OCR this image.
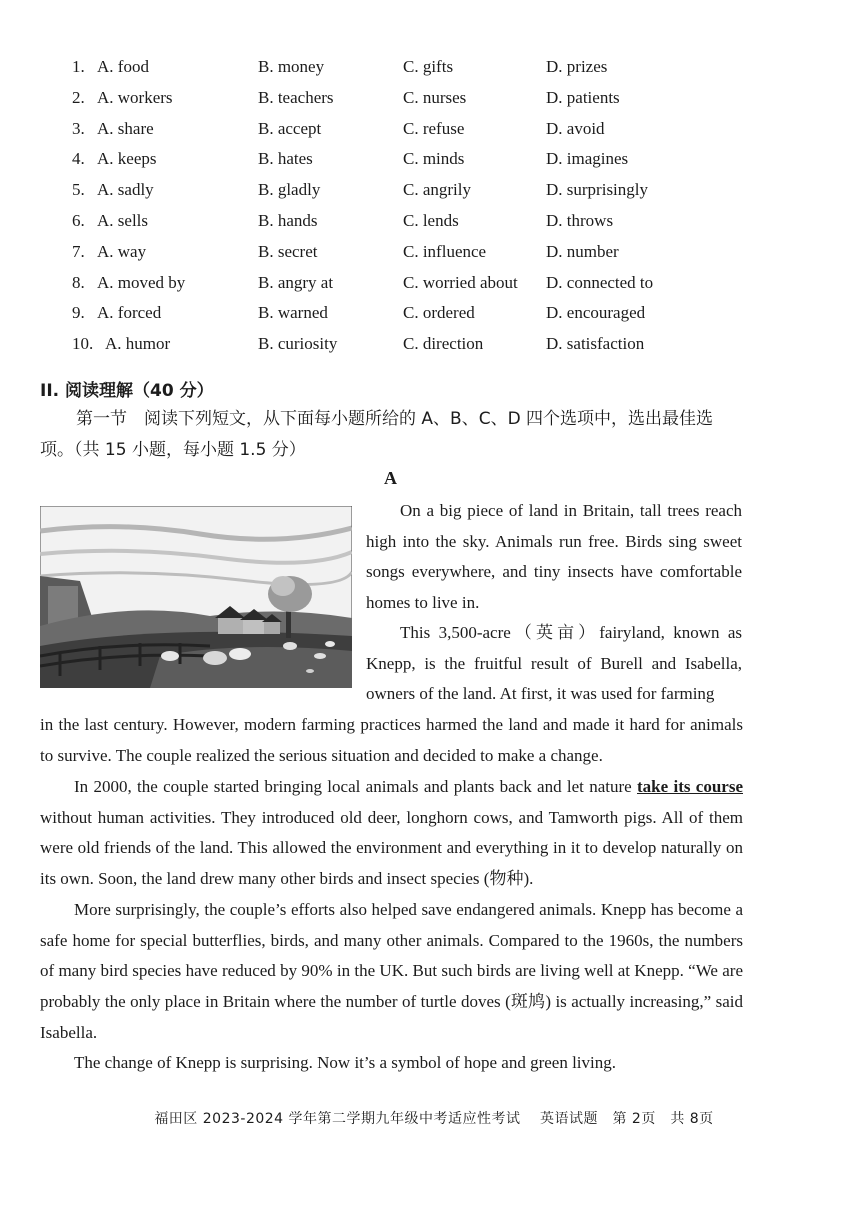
1. A. food	B. money	C. gifts	D. prizes
2. A. workers	B. teachers	C. nurses	D. patients
3. A. share	B. accept	C. refuse	D. avoid
4. A. keeps	B. hates	C. minds	D. imagines
5. A. sadly	B. gladly	C. angrily	D. surprisingly
6. A. sells	B. hands	C. lends	D. throws
7. A. way	B. secret	C. influence	D. number
8. A. moved by	B. angry at	C. worried about D. connected to
9. A. forced	B. warned	C. ordered	D. encouraged
10. A. humor	B. curiosity	C. direction	D. satisfaction
II. 阅读理解（40 分）
第一节　阅读下列短文，从下面每小题所给的 A、B、C、D 四个选项中，选出最佳选项。（共 15 小题，每小题 1.5 分）
A
On a big piece of land in Britain, tall trees reach high into the sky. Animals run free. Birds sing sweet songs everywhere, and tiny insects have comfortable homes to live in.
This 3,500-acre（英亩）fairyland, known as Knepp, is the fruitful result of Burell and Isabella, owners of the land. At first, it was used for farming
in the last century. However, modern farming practices harmed the land and made it hard for animals to survive. The couple realized the serious situation and decided to make a change.
In 2000, the couple started bringing local animals and plants back and let nature take its course without human activities. They introduced old deer, longhorn cows, and Tamworth pigs. All of them were old friends of the land. This allowed the environment and everything in it to develop naturally on its own. Soon, the land drew many other birds and insect species (物种).
More surprisingly, the couple’s efforts also helped save endangered animals. Knepp has become a safe home for special butterflies, birds, and many other animals. Compared to the 1960s, the numbers of many bird species have reduced by 90% in the UK. But such birds are living well at Knepp. “We are probably the only place in Britain where the number of turtle doves (斑鸠) is actually increasing,” said Isabella.
The change of Knepp is surprising. Now it’s a symbol of hope and green living.
福田区 2023-2024 学年第二学期九年级中考适应性考试　 英语试题　第 2页　共 8页
